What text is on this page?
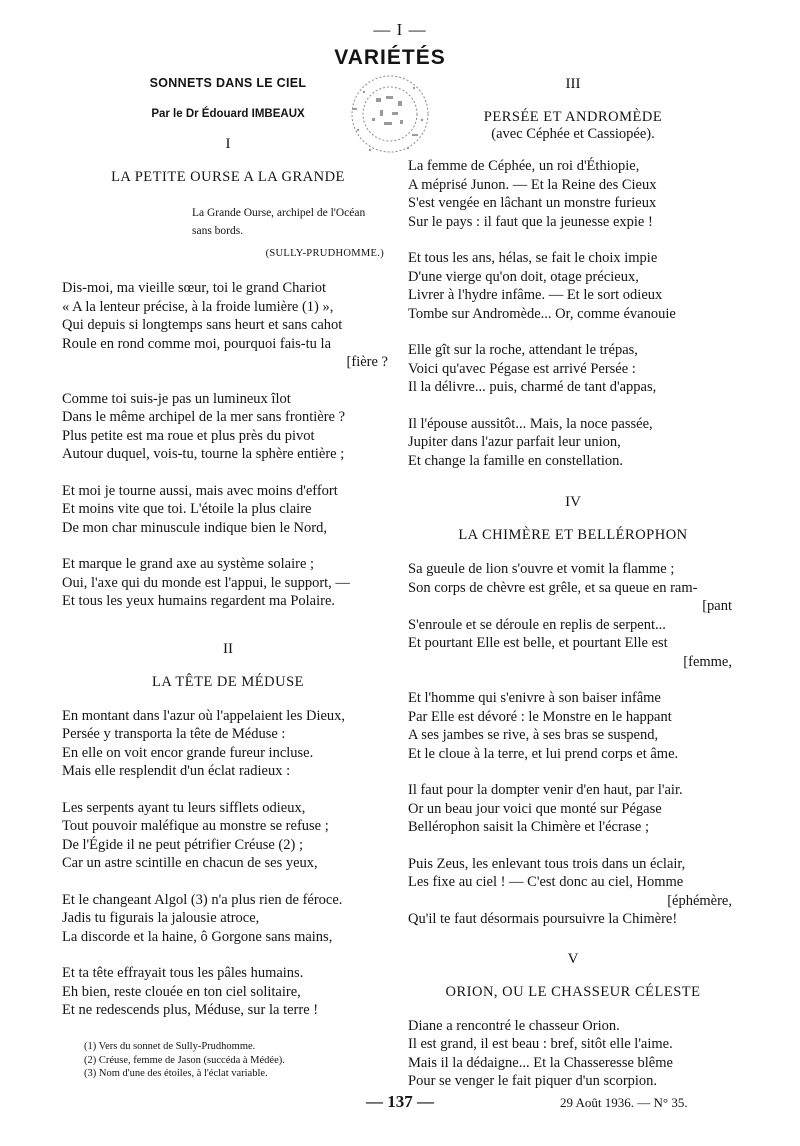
— I —
VARIÉTÉS

SONNETS DANS LE CIEL

Par le Dr Édouard IMBEAUX

I

LA PETITE OURSE A LA GRANDE

La Grande Ourse, archipel de l'Océan
sans bords.

(SULLY-PRUDHOMME.)

Dis-moi, ma vieille sœur, toi le grand Chariot
« A la lenteur précise, à la froide lumière (1) »,
Qui depuis si longtemps sans heurt et sans cahot
Roule en rond comme moi, pourquoi fais-tu la
[fière ?
Comme toi suis-je pas un lumineux îlot
Dans le même archipel de la mer sans frontière ?
Plus petite est ma roue et plus près du pivot
Autour duquel, vois-tu, tourne la sphère entière ;
Et moi je tourne aussi, mais avec moins d'effort
Et moins vite que toi. L'étoile la plus claire
De mon char minuscule indique bien le Nord,
Et marque le grand axe au système solaire ;
Oui, l'axe qui du monde est l'appui, le support, —
Et tous les yeux humains regardent ma Polaire.

II

LA TÊTE DE MÉDUSE

En montant dans l'azur où l'appelaient les Dieux,
Persée y transporta la tête de Méduse :
En elle on voit encor grande fureur incluse.
Mais elle resplendit d'un éclat radieux :
Les serpents ayant tu leurs sifflets odieux,
Tout pouvoir maléfique au monstre se refuse ;
De l'Égide il ne peut pétrifier Créuse (2) ;
Car un astre scintille en chacun de ses yeux,
Et le changeant Algol (3) n'a plus rien de féroce.
Jadis tu figurais la jalousie atroce,
La discorde et la haine, ô Gorgone sans mains,
Et ta tête effrayait tous les pâles humains.
Eh bien, reste clouée en ton ciel solitaire,
Et ne redescends plus, Méduse, sur la terre !
(1) Vers du sonnet de Sully-Prudhomme.
(2) Créuse, femme de Jason (succéda à Médée).
(3) Nom d'une des étoiles, à l'éclat variable.

III

PERSÉE ET ANDROMÈDE

(avec Céphée et Cassiopée).

La femme de Céphée, un roi d'Éthiopie,
A méprisé Junon. — Et la Reine des Cieux
S'est vengée en lâchant un monstre furieux
Sur le pays : il faut que la jeunesse expie !
Et tous les ans, hélas, se fait le choix impie
D'une vierge qu'on doit, otage précieux,
Livrer à l'hydre infâme. — Et le sort odieux
Tombe sur Andromède... Or, comme évanouie
Elle gît sur la roche, attendant le trépas,
Voici qu'avec Pégase est arrivé Persée :
Il la délivre... puis, charmé de tant d'appas,
Il l'épouse aussitôt... Mais, la noce passée,
Jupiter dans l'azur parfait leur union,
Et change la famille en constellation.

IV

LA CHIMÈRE ET BELLÉROPHON

Sa gueule de lion s'ouvre et vomit la flamme ;
Son corps de chèvre est grêle, et sa queue en ram-
[pant
S'enroule et se déroule en replis de serpent...
Et pourtant Elle est belle, et pourtant Elle est
[femme,
Et l'homme qui s'enivre à son baiser infâme
Par Elle est dévoré : le Monstre en le happant
A ses jambes se rive, à ses bras se suspend,
Et le cloue à la terre, et lui prend corps et âme.
Il faut pour la dompter venir d'en haut, par l'air.
Or un beau jour voici que monté sur Pégase
Bellérophon saisit la Chimère et l'écrase ;
Puis Zeus, les enlevant tous trois dans un éclair,
Les fixe au ciel ! — C'est donc au ciel, Homme
[éphémère,
Qu'il te faut désormais poursuivre la Chimère!

V

ORION, OU LE CHASSEUR CÉLESTE

Diane a rencontré le chasseur Orion.
Il est grand, il est beau : bref, sitôt elle l'aime.
Mais il la dédaigne... Et la Chasseresse blême
Pour se venger le fait piquer d'un scorpion.
— 137 —	29 Août 1936. — N° 35.
